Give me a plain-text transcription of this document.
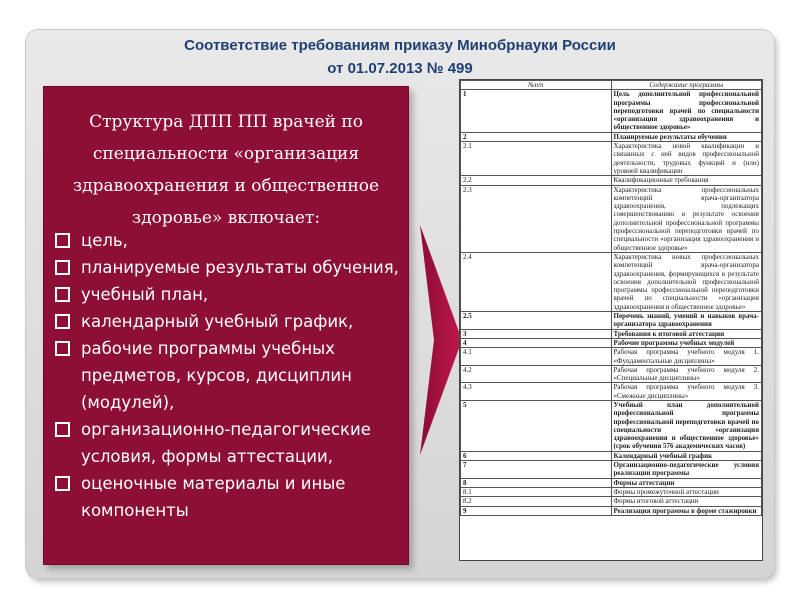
Соответствие требованиям приказу Минобрнауки России
от 01.07.2013 № 499

Структура ДПП ПП врачей по специальности «организация здравоохранения и общественное здоровье» включает:

цель,
планируемые результаты обучения,
учебный план,
календарный учебный график,
рабочие программы учебных предметов, курсов, дисциплин (модулей),
организационно-педагогические условия, формы аттестации,
оценочные материалы и иные компоненты
№п/п	Содержание программы
1	Цель дополнительной профессиональной программы профессиональной переподготовки врачей по специальности «организация здравоохранения и общественное здоровье»
2	Планируемые результаты обучения
2.1	Характеристика новой квалификации и связанных с ней видов профессиональной деятельности, трудовых функций и (или) уровней квалификации
2.2	Квалификационные требования
2.3	Характеристика профессиональных компетенций врача-организатора здравоохранения, подлежащих совершенствованию в результате освоения дополнительной профессиональной программы профессиональной переподготовки врачей по специальности «организация здравоохранения и общественное здоровье»
2.4	Характеристика новых профессиональных компетенций врача-организатора здравоохранения, формирующихся в результате освоения дополнительной профессиональной программы профессиональной переподготовки врачей по специальности «организация здравоохранения и общественное здоровье»
2.5	Перечень знаний, умений и навыков врача-организатора здравоохранения
3	Требования к итоговой аттестации
4	Рабочие программы учебных модулей
4.1	Рабочая программа учебного модуля 1. «Фундаментальные дисциплины»
4.2	Рабочая программа учебного модуля 2. «Специальные дисциплины»
4.3	Рабочая программа учебного модуля 3. «Смежные дисциплины»
5	Учебный план дополнительной профессиональной программы профессиональной переподготовки врачей по специальности «организация здравоохранения и общественное здоровье» (срок обучения 576 академических часов)
6	Календарный учебный график
7	Организационно-педагогические условия реализации программы
8	Формы аттестации
8.1	Формы промежуточной аттестации
8.2	Формы итоговой аттестации
9	Реализация программы в форме стажировки
